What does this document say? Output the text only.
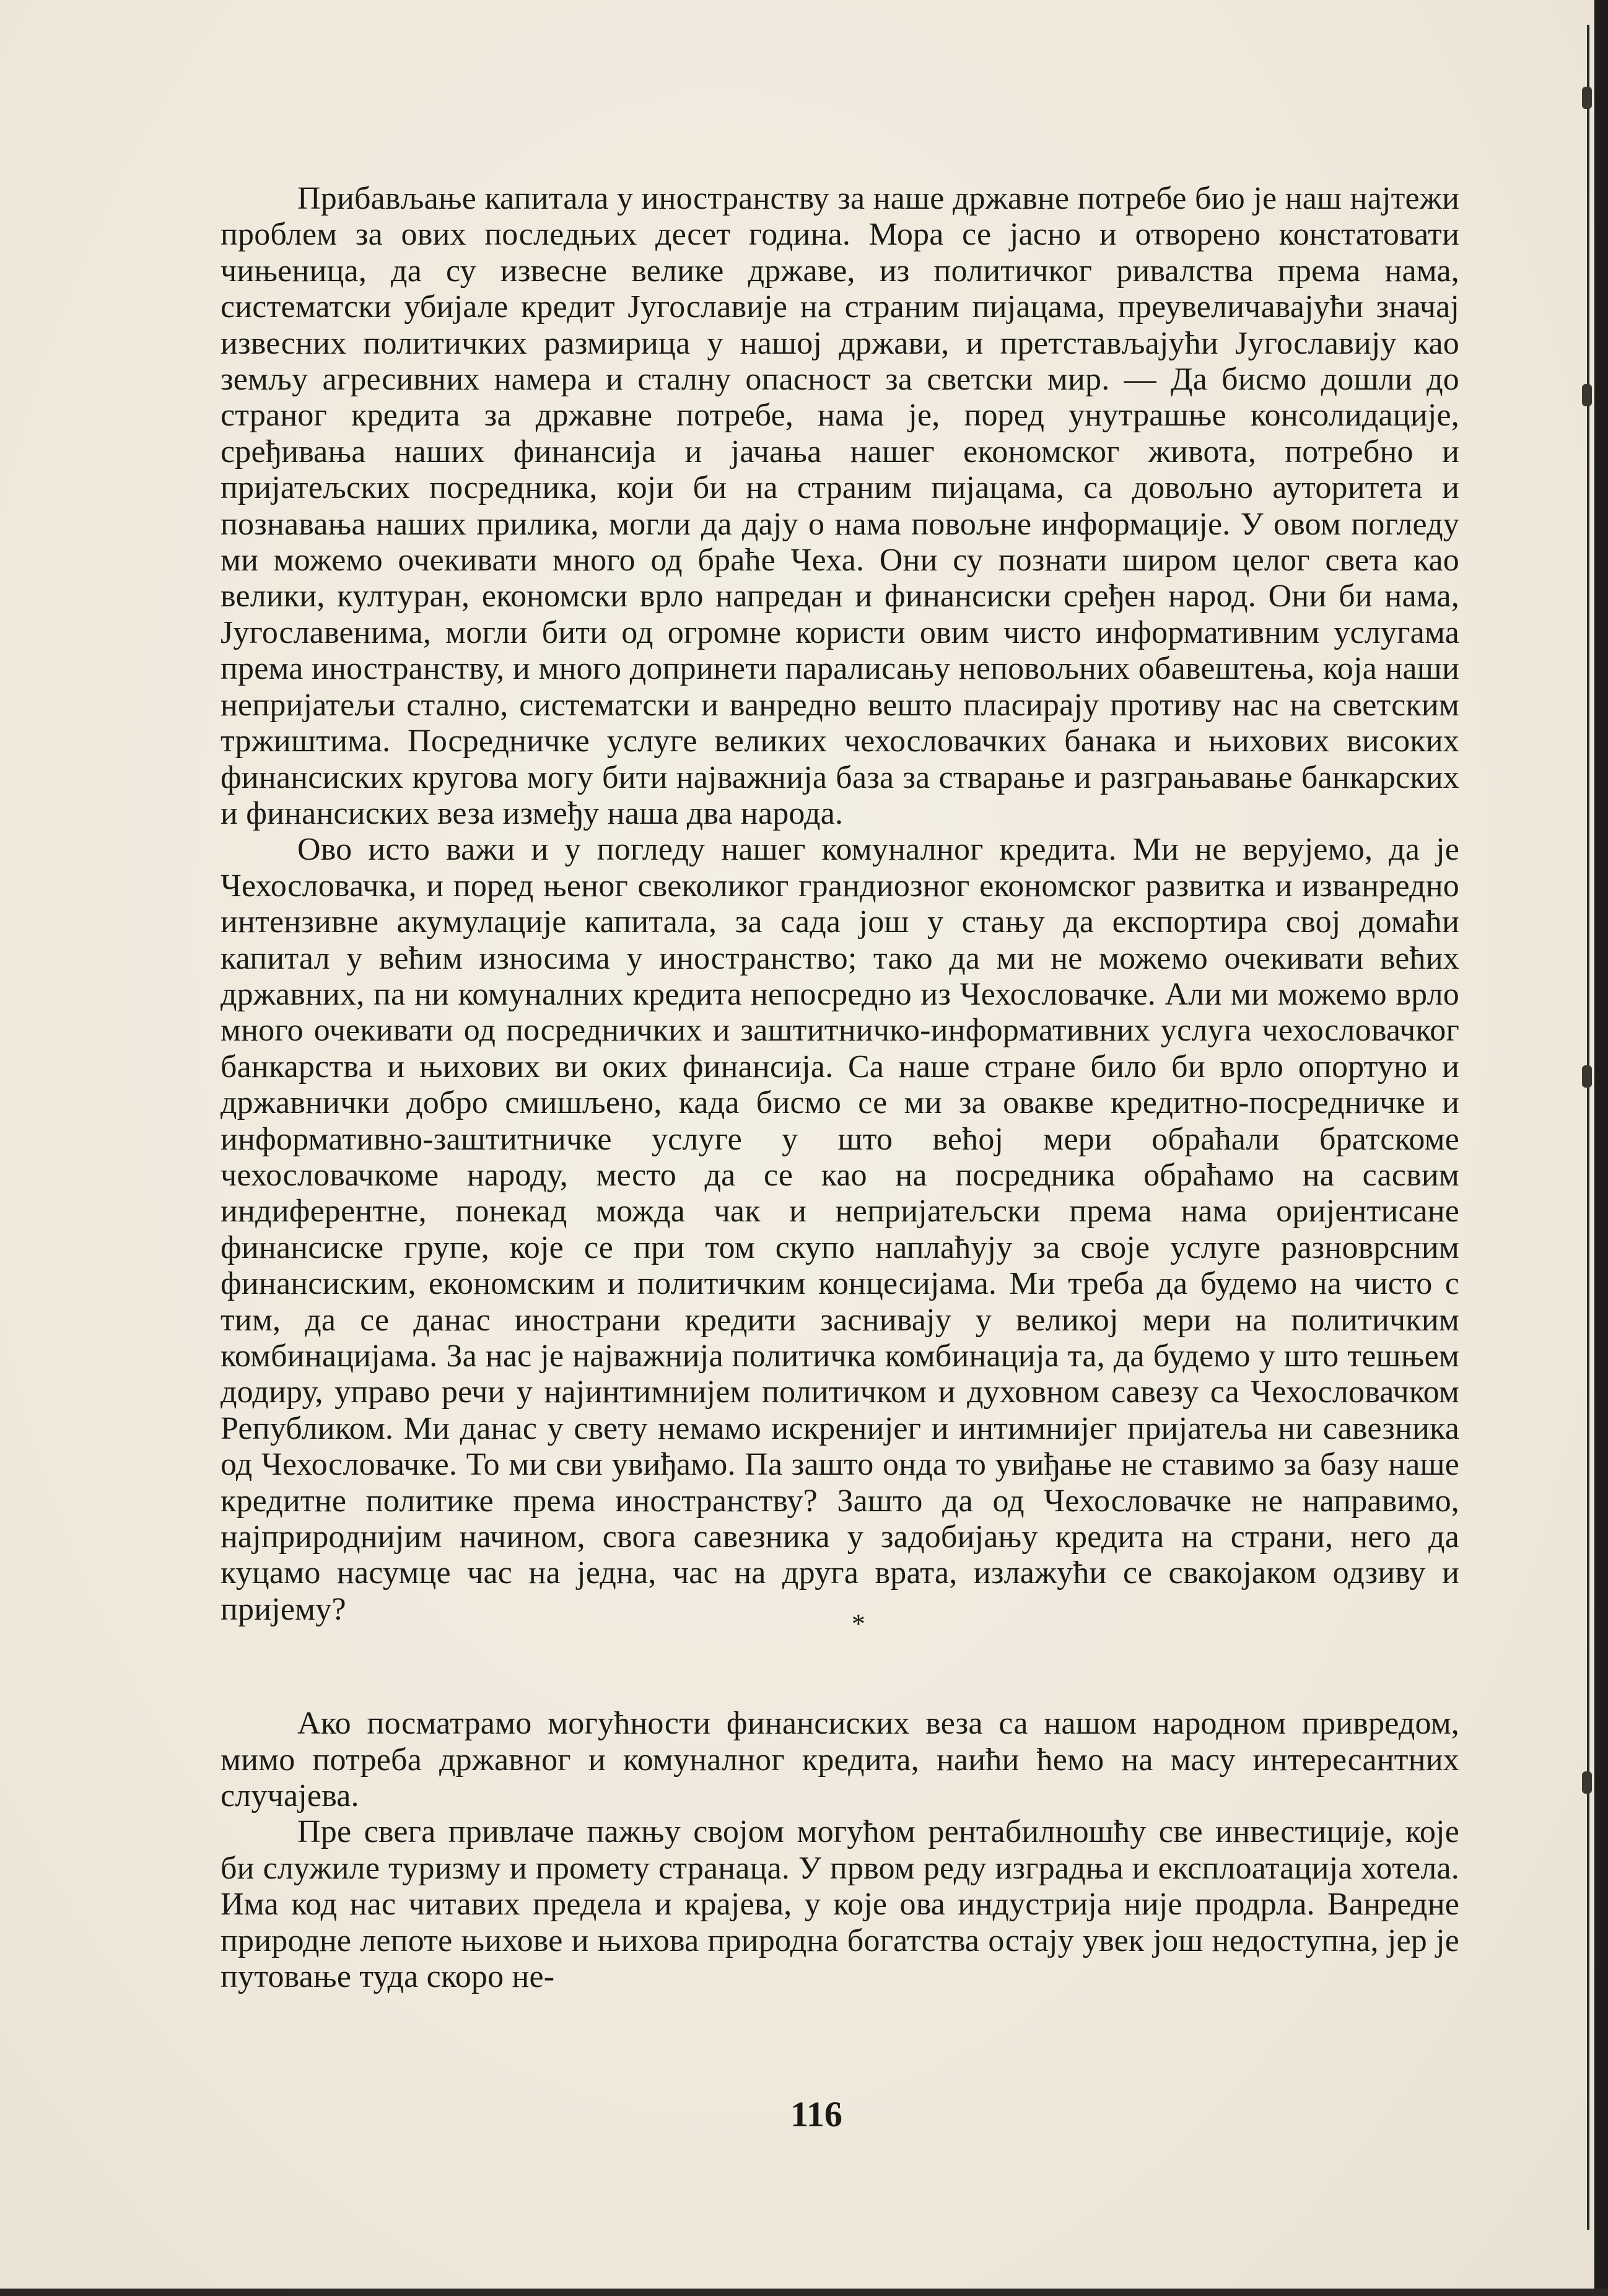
Прибављање капитала у иностранству за наше државне потребе био је наш најтежи проблем за ових последњих десет година. Мора се јасно и отворено констатовати чињеница, да су извесне велике државе, из политичког ривалства према нама, систематски убијале кредит Југославије на страним пијацама, преувеличавајући значај извесних политичких размирица у нашој држави, и претстављајући Југославију као земљу агресивних намера и сталну опасност за светски мир. — Да бисмо дошли до страног кредита за државне потребе, нама је, поред унутрашње консолидације, сређивања наших финансија и јачања нашег економског живота, потребно и пријатељских посредника, који би на страним пијацама, са довољно ауторитета и познавања наших прилика, могли да дају о нама повољне информације. У овом погледу ми можемо очекивати много од браће Чеха. Они су познати широм целог света као велики, културан, економски врло напредан и финансиски сређен народ. Они би нама, Југославенима, могли бити од огромне користи овим чисто информативним услугама према иностранству, и много допринети паралисању неповољних обавештења, која наши непријатељи стално, систематски и ванредно вешто пласирају противу нас на светским тржиштима. Посредничке услуге великих чехословачких банака и њихових високих финансиских кругова могу бити најважнија база за стварање и разграњавање банкарских и финансиских веза између наша два народа.

Ово исто важи и у погледу нашег комуналног кредита. Ми не верујемо, да је Чехословачка, и поред њеног свеколиког грандиозног економског развитка и изванредно интензивне акумулације капитала, за сада још у стању да експортира свој домаћи капитал у већим износима у иностранство; тако да ми не можемо очекивати већих државних, па ни комуналних кредита непосредно из Чехословачке. Али ми можемо врло много очекивати од посредничких и заштитничко-информативних услуга чехословачког банкарства и њихових ви оких финансија. Са наше стране било би врло опортуно и државнички добро смишљено, када бисмо се ми за овакве кредитно-посредничке и информативно-заштитничке услуге у што већој мери обраћали братскоме чехословачкоме народу, место да се као на посредника обраћамо на сасвим индиферентне, понекад можда чак и непријатељски према нама оријентисане финансиске групе, које се при том скупо наплаћују за своје услуге разноврсним финансиским, економским и политичким концесијама. Ми треба да будемо на чисто с тим, да се данас инострани кредити заснивају у великој мери на политичким комбинацијама. За нас је најважнија политичка комбинација та, да будемо у што тешњем додиру, управо речи у најинтимнијем политичком и духовном савезу са Чехословачком Републиком. Ми данас у свету немамо искренијег и интимнијег пријатеља ни савезника од Чехословачке. То ми сви увиђамо. Па зашто онда то увиђање не ставимо за базу наше кредитне политике према иностранству? Зашто да од Чехословачке не направимо, најприроднијим начином, свога савезника у задобијању кредита на страни, него да куцамо насумце час на једна, час на друга врата, излажући се свакојаком одзиву и пријему?	*

Ако посматрамо могућности финансиских веза са нашом народном привредом, мимо потреба државног и комуналног кредита, наићи ћемо на масу интересантних случајева.

Пре свега привлаче пажњу својом могућом рентабилношћу све инвестиције, које би служиле туризму и промету странаца. У првом реду изградња и експлоатација хотела. Има код нас читавих предела и крајева, у које ова индустрија није продрла. Ванредне природне лепоте њихове и њихова природна богатства остају увек још недоступна, јер је путовање туда скоро не-

116
